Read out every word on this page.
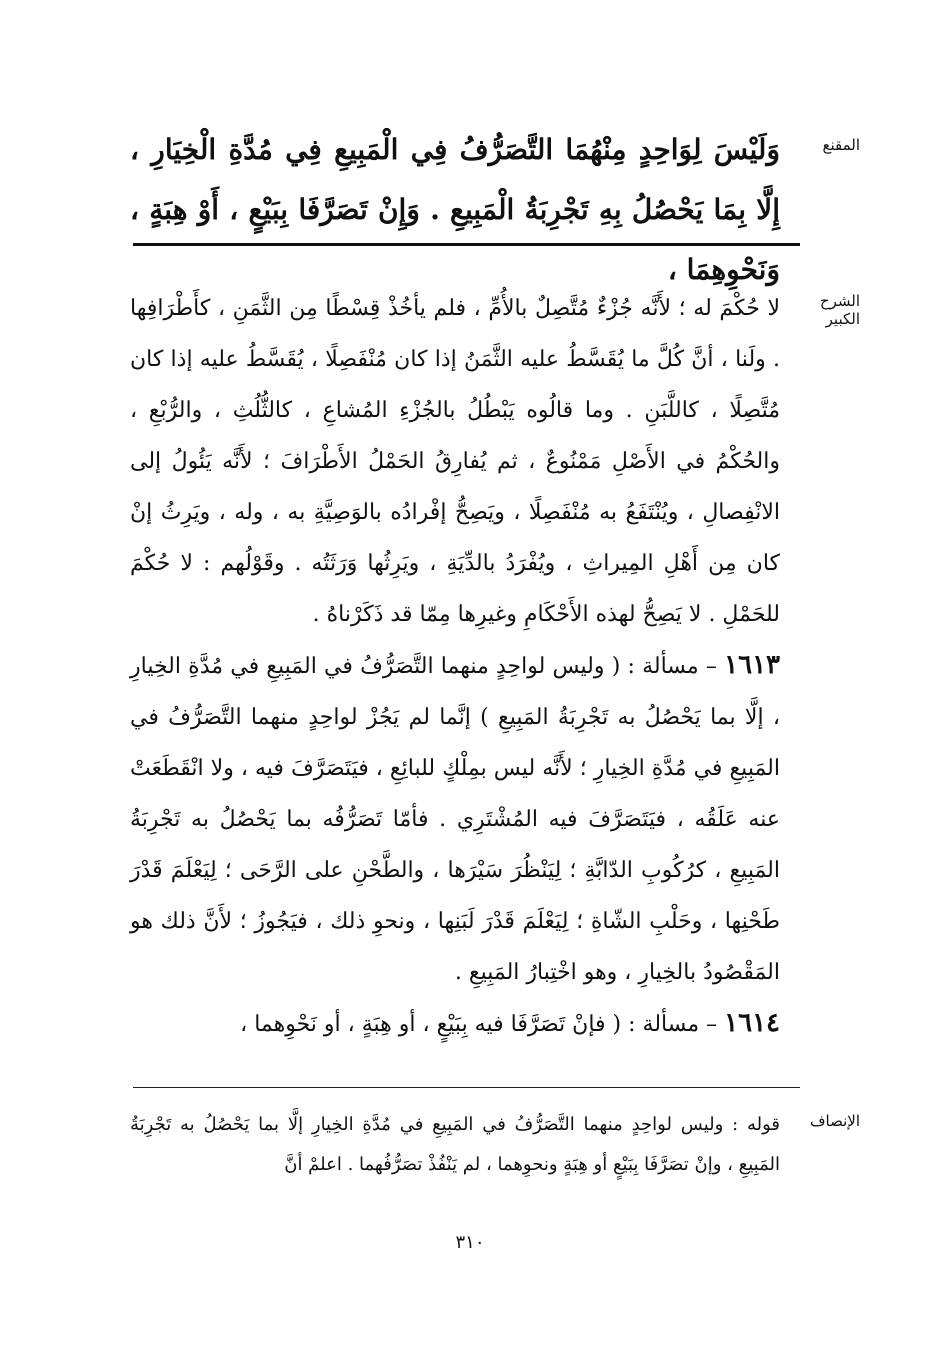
المقنع
وَلَيْسَ لِوَاحِدٍ مِنْهُمَا التَّصَرُّفُ فِي الْمَبِيعِ فِي مُدَّةِ الْخِيَارِ ، إِلَّا بِمَا يَحْصُلُ بِهِ تَجْرِبَةُ الْمَبِيعِ . وَإِنْ تَصَرَّفَا بِبَيْعٍ ، أَوْ هِبَةٍ ، وَنَحْوِهِمَا ،
الشرح الكبير

لا حُكْمَ له ؛ لأَنَّه جُزْءٌ مُتَّصِلٌ بالأُمِّ ، فلم يأخُذْ قِسْطًا مِن الثَّمَنِ ، كأَطْرَافِها . ولَنا ، أنَّ كُلَّ ما يُقَسَّطُ عليه الثَّمَنُ إذا كان مُنْفَصِلًا ، يُقَسَّطُ عليه إذا كان مُتَّصِلًا ، كاللَّبَنِ . وما قالُوه يَبْطُلُ بالجُزْءِ المُشاعِ ، كالثُّلُثِ ، والرُّبْعِ ، والحُكْمُ في الأَصْلِ مَمْنُوعٌ ، ثم يُفارِقُ الحَمْلُ الأَطْرَافَ ؛ لأَنَّه يَئُولُ إلى الانْفِصالِ ، ويُنْتَفَعُ به مُنْفَصِلًا ، ويَصِحُّ إفْرادُه بالوَصِيَّةِ به ، وله ، ويَرِثُ إنْ كان مِن أَهْلِ المِيراثِ ، ويُفْرَدُ بالدِّيَةِ ، ويَرِثُها وَرَثَتُه . وقَوْلُهم : لا حُكْمَ للحَمْلِ . لا يَصِحُّ لهذه الأَحْكَامِ وغيرِها مِمّا قد ذَكَرْناهُ .

١٦١٣ – مسألة : ( وليس لواحِدٍ منهما التَّصَرُّفُ في المَبِيعِ في مُدَّةِ الخِيارِ ، إلَّا بما يَحْصُلُ به تَجْرِبَةُ المَبِيعِ ) إنَّما لم يَجُزْ لواحِدٍ منهما التَّصَرُّفُ في المَبِيعِ في مُدَّةِ الخِيارِ ؛ لأَنَّه ليس بمِلْكٍ للبائِعِ ، فيَتَصَرَّفَ فيه ، ولا انْقَطَعَتْ عنه عَلَقُه ، فيَتَصَرَّفَ فيه المُشْتَرِي . فأمّا تَصَرُّفُه بما يَحْصُلُ به تَجْرِبَةُ المَبِيعِ ، كرُكُوبِ الدّابَّةِ ؛ لِيَنْظُرَ سَيْرَها ، والطَّحْنِ على الرَّحَى ؛ لِيَعْلَمَ قَدْرَ طَحْنِها ، وحَلْبِ الشّاةِ ؛ لِيَعْلَمَ قَدْرَ لَبَنِها ، ونحوِ ذلك ، فيَجُوزُ ؛ لأَنَّ ذلك هو المَقْصُودُ بالخِيارِ ، وهو اخْتِبارُ المَبِيعِ .

١٦١٤ – مسألة : ( فإنْ تَصَرَّفَا فيه بِبَيْعٍ ، أو هِبَةٍ ، أو نَحْوِهما ،

الإنصاف
قوله : وليس لواحِدٍ منهما التَّصَرُّفُ في المَبِيعِ في مُدَّةِ الخِيارِ إلَّا بما يَحْصُلُ به تَجْرِبَةُ المَبِيعِ ، وإنْ تصَرَّفَا بِبَيْعٍ أو هِبَةٍ ونحوِهما ، لم يَنْفُذْ تصَرُّفُهما . اعلمْ أنَّ
٣١٠
